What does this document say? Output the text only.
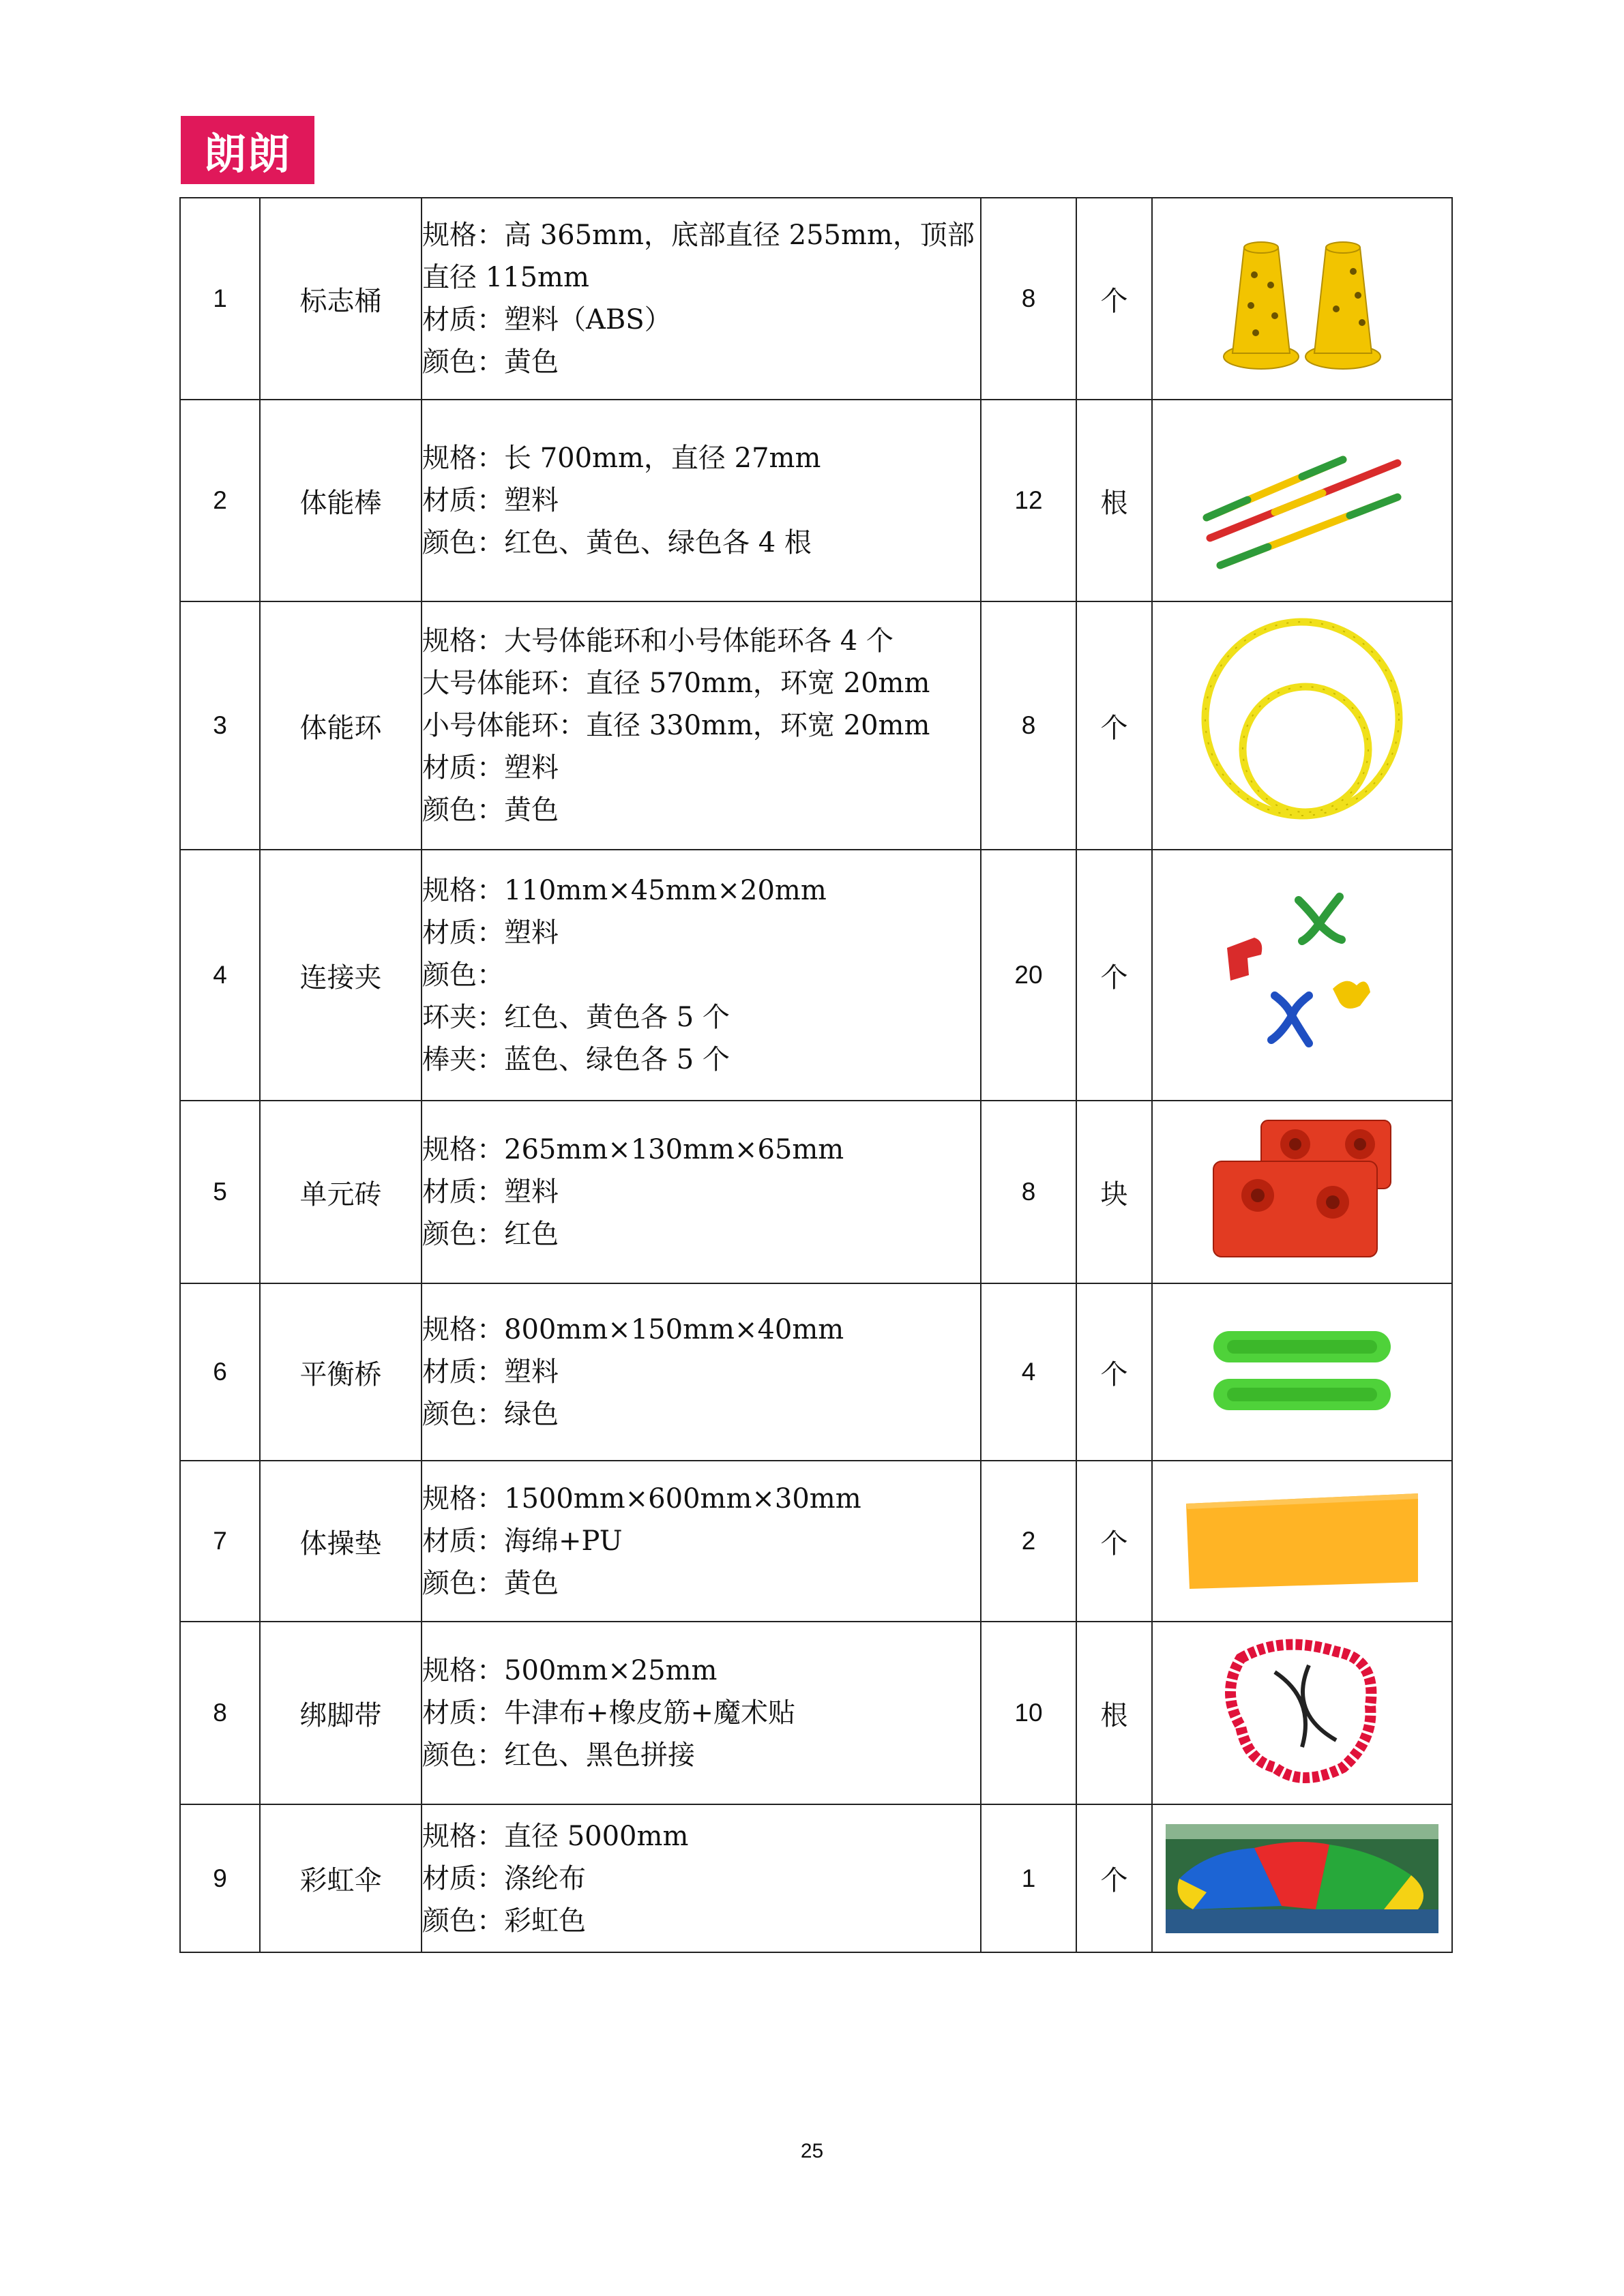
朗朗
1	标志桶	规格：高 365mm，底部直径 255mm，顶部直径 115mm
材质：塑料（ABS）
颜色：黄色	8	个	

2	体能棒	规格：长 700mm，直径 27mm
材质：塑料
颜色：红色、黄色、绿色各 4 根	12	根	

3	体能环	规格：大号体能环和小号体能环各 4 个
大号体能环：直径 570mm，环宽 20mm
小号体能环：直径 330mm，环宽 20mm
材质：塑料
颜色：黄色	8	个	

4	连接夹	规格：110mm×45mm×20mm
材质：塑料
颜色：
环夹：红色、黄色各 5 个
棒夹：蓝色、绿色各 5 个	20	个	

5	单元砖	规格：265mm×130mm×65mm
材质：塑料
颜色：红色	8	块	

6	平衡桥	规格：800mm×150mm×40mm
材质：塑料
颜色：绿色	4	个	

7	体操垫	规格：1500mm×600mm×30mm
材质：海绵+PU
颜色：黄色	2	个	

8	绑脚带	规格：500mm×25mm
材质：牛津布+橡皮筋+魔术贴
颜色：红色、黑色拼接	10	根	

9	彩虹伞	规格：直径 5000mm
材质：涤纶布
颜色：彩虹色	1	个	
25
